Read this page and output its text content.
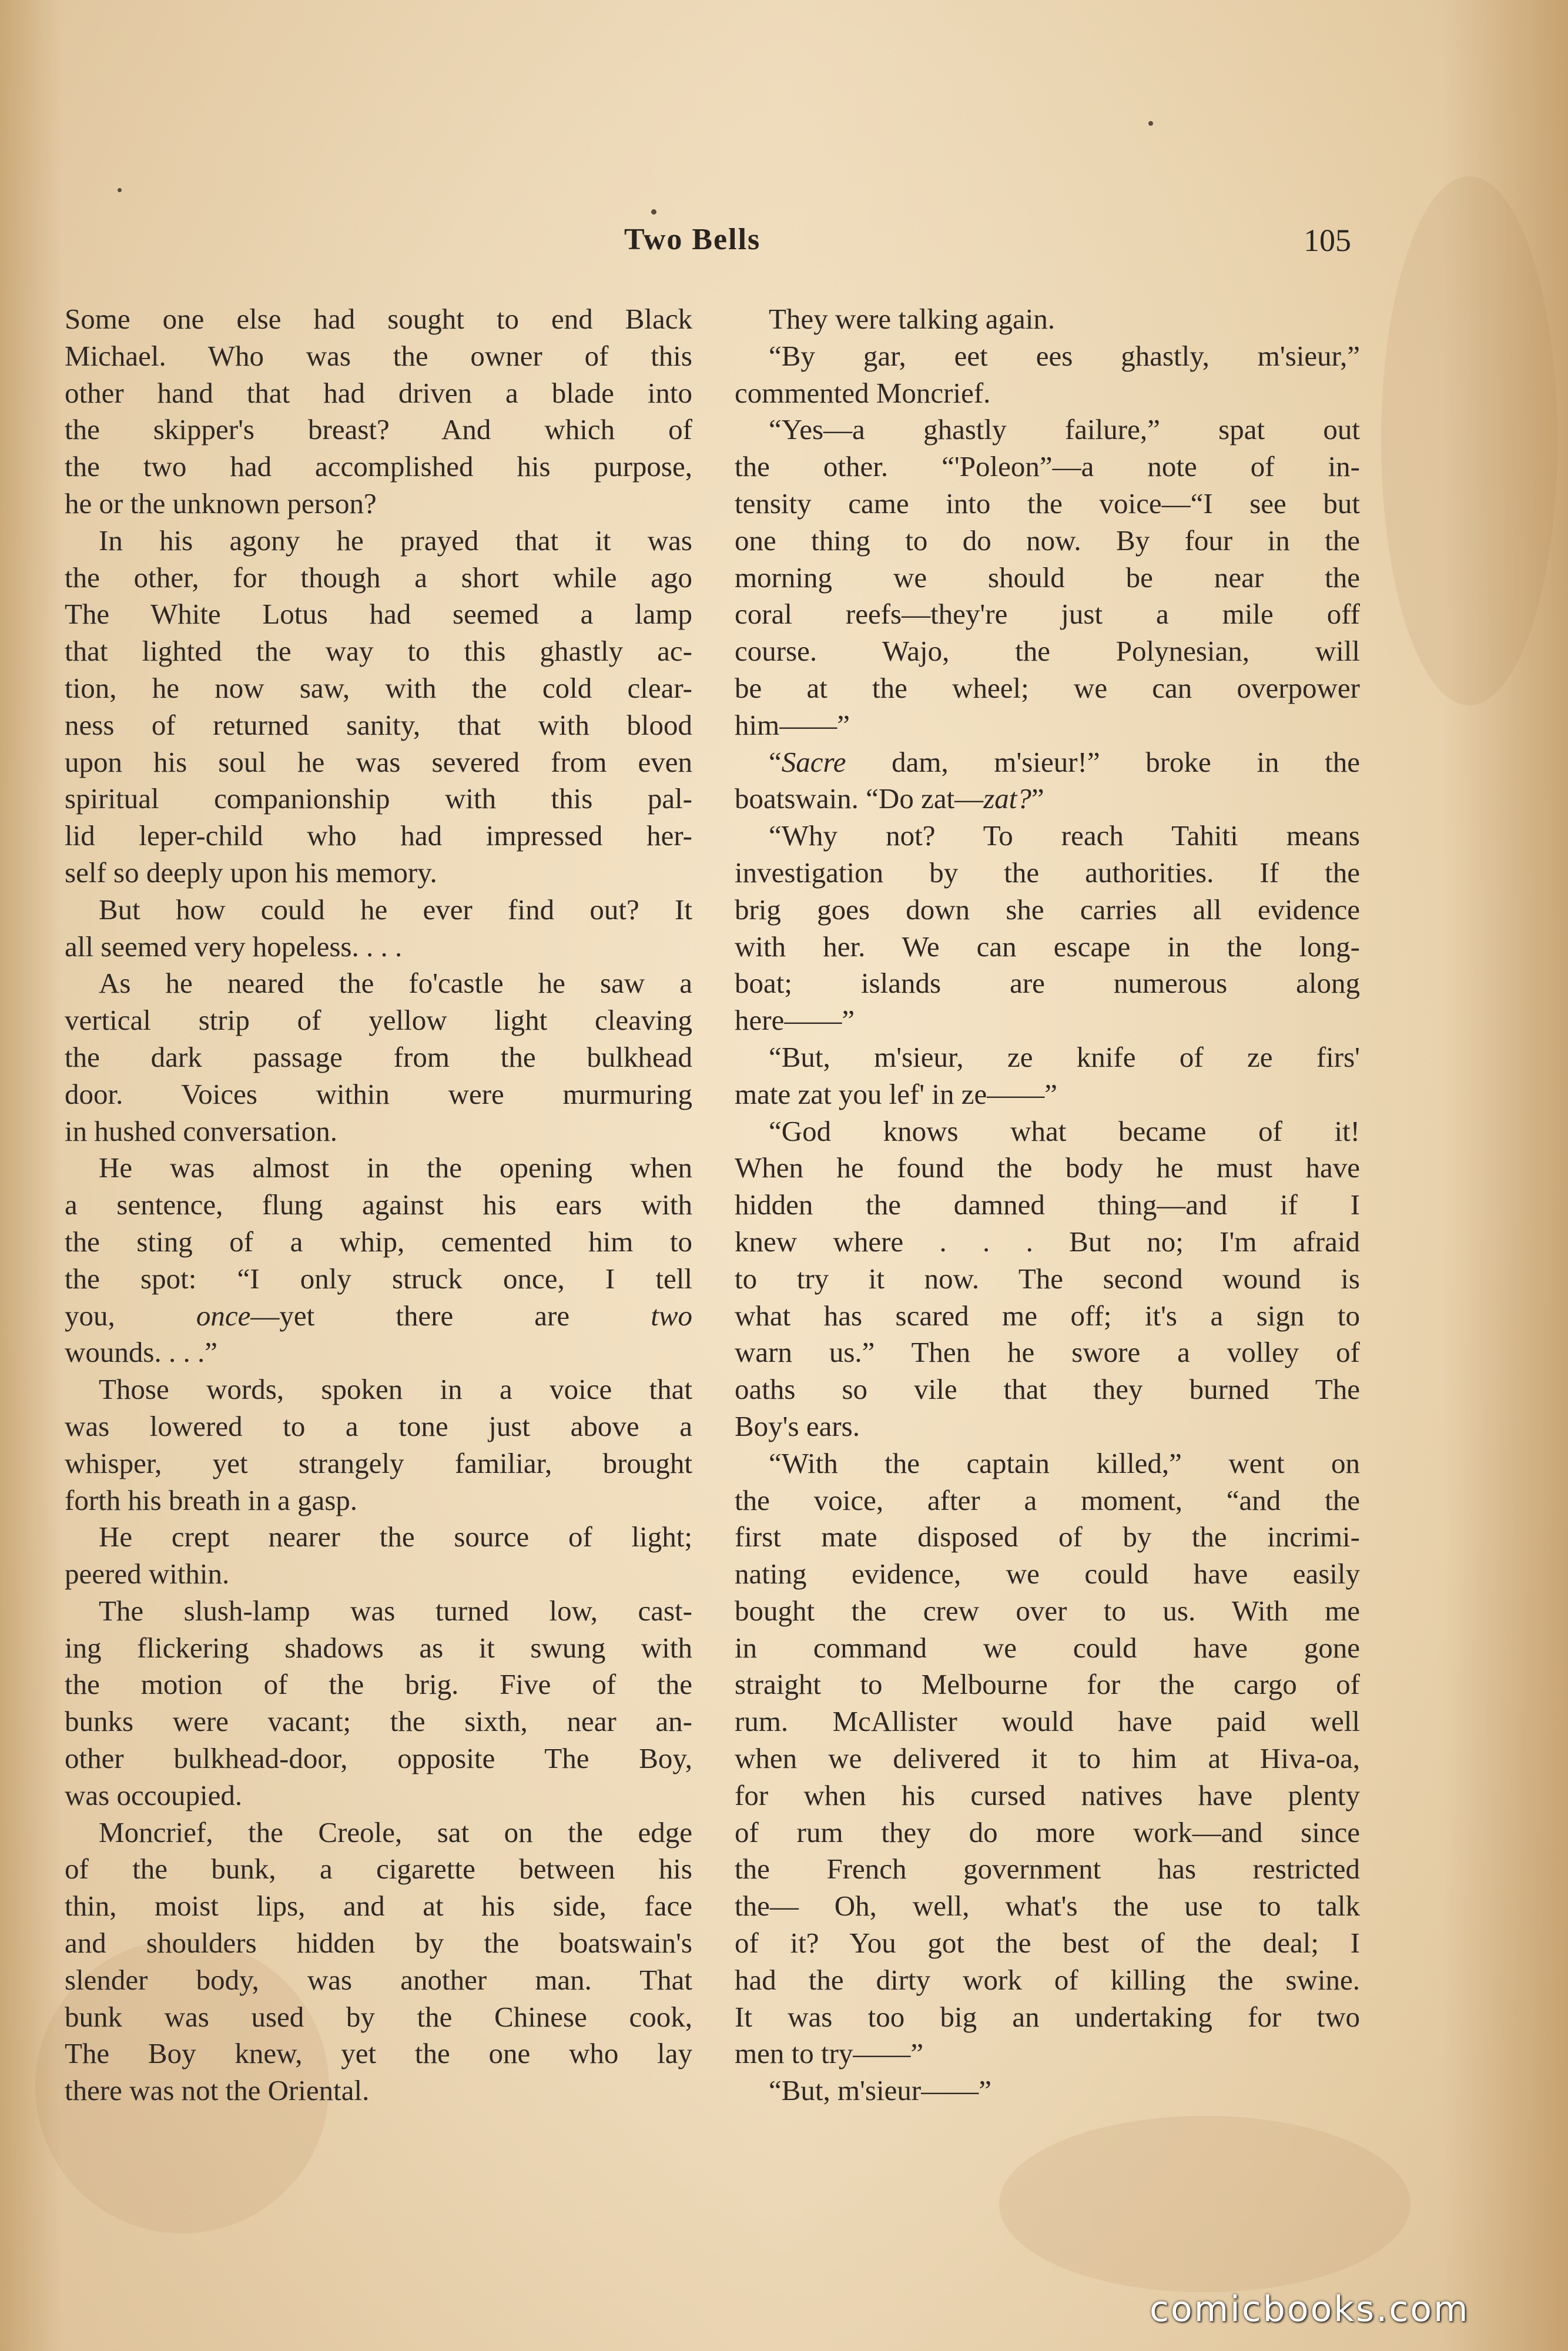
Two Bells	105
Some one else had sought to end Black
Michael. Who was the owner of this
other hand that had driven a blade into
the skipper's breast? And which of
the two had accomplished his purpose,
he or the unknown person?
In his agony he prayed that it was
the other, for though a short while ago
The White Lotus had seemed a lamp
that lighted the way to this ghastly ac-
tion, he now saw, with the cold clear-
ness of returned sanity, that with blood
upon his soul he was severed from even
spiritual companionship with this pal-
lid leper-child who had impressed her-
self so deeply upon his memory.
But how could he ever find out? It
all seemed very hopeless. . . .
As he neared the fo'castle he saw a
vertical strip of yellow light cleaving
the dark passage from the bulkhead
door. Voices within were murmuring
in hushed conversation.
He was almost in the opening when
a sentence, flung against his ears with
the sting of a whip, cemented him to
the spot: “I only struck once, I tell
you, once—yet there are two
wounds. . . .”
Those words, spoken in a voice that
was lowered to a tone just above a
whisper, yet strangely familiar, brought
forth his breath in a gasp.
He crept nearer the source of light;
peered within.
The slush-lamp was turned low, cast-
ing flickering shadows as it swung with
the motion of the brig. Five of the
bunks were vacant; the sixth, near an-
other bulkhead-door, opposite The Boy,
was occoupied.
Moncrief, the Creole, sat on the edge
of the bunk, a cigarette between his
thin, moist lips, and at his side, face
and shoulders hidden by the boatswain's
slender body, was another man. That
bunk was used by the Chinese cook,
The Boy knew, yet the one who lay
there was not the Oriental.
They were talking again.
“By gar, eet ees ghastly, m'sieur,”
commented Moncrief.
“Yes—a ghastly failure,” spat out
the other. “'Poleon”—a note of in-
tensity came into the voice—“I see but
one thing to do now. By four in the
morning we should be near the
coral reefs—they're just a mile off
course. Wajo, the Polynesian, will
be at the wheel; we can overpower
him——”
“Sacre dam, m'sieur!” broke in the
boatswain. “Do zat—zat?”
“Why not? To reach Tahiti means
investigation by the authorities. If the
brig goes down she carries all evidence
with her. We can escape in the long-
boat; islands are numerous along
here——”
“But, m'sieur, ze knife of ze firs'
mate zat you lef' in ze——”
“God knows what became of it!
When he found the body he must have
hidden the damned thing—and if I
knew where . . . But no; I'm afraid
to try it now. The second wound is
what has scared me off; it's a sign to
warn us.” Then he swore a volley of
oaths so vile that they burned The
Boy's ears.
“With the captain killed,” went on
the voice, after a moment, “and the
first mate disposed of by the incrimi-
nating evidence, we could have easily
bought the crew over to us. With me
in command we could have gone
straight to Melbourne for the cargo of
rum. McAllister would have paid well
when we delivered it to him at Hiva-oa,
for when his cursed natives have plenty
of rum they do more work—and since
the French government has restricted
the— Oh, well, what's the use to talk
of it? You got the best of the deal; I
had the dirty work of killing the swine.
It was too big an undertaking for two
men to try——”
“But, m'sieur——”
comicbooks.com
